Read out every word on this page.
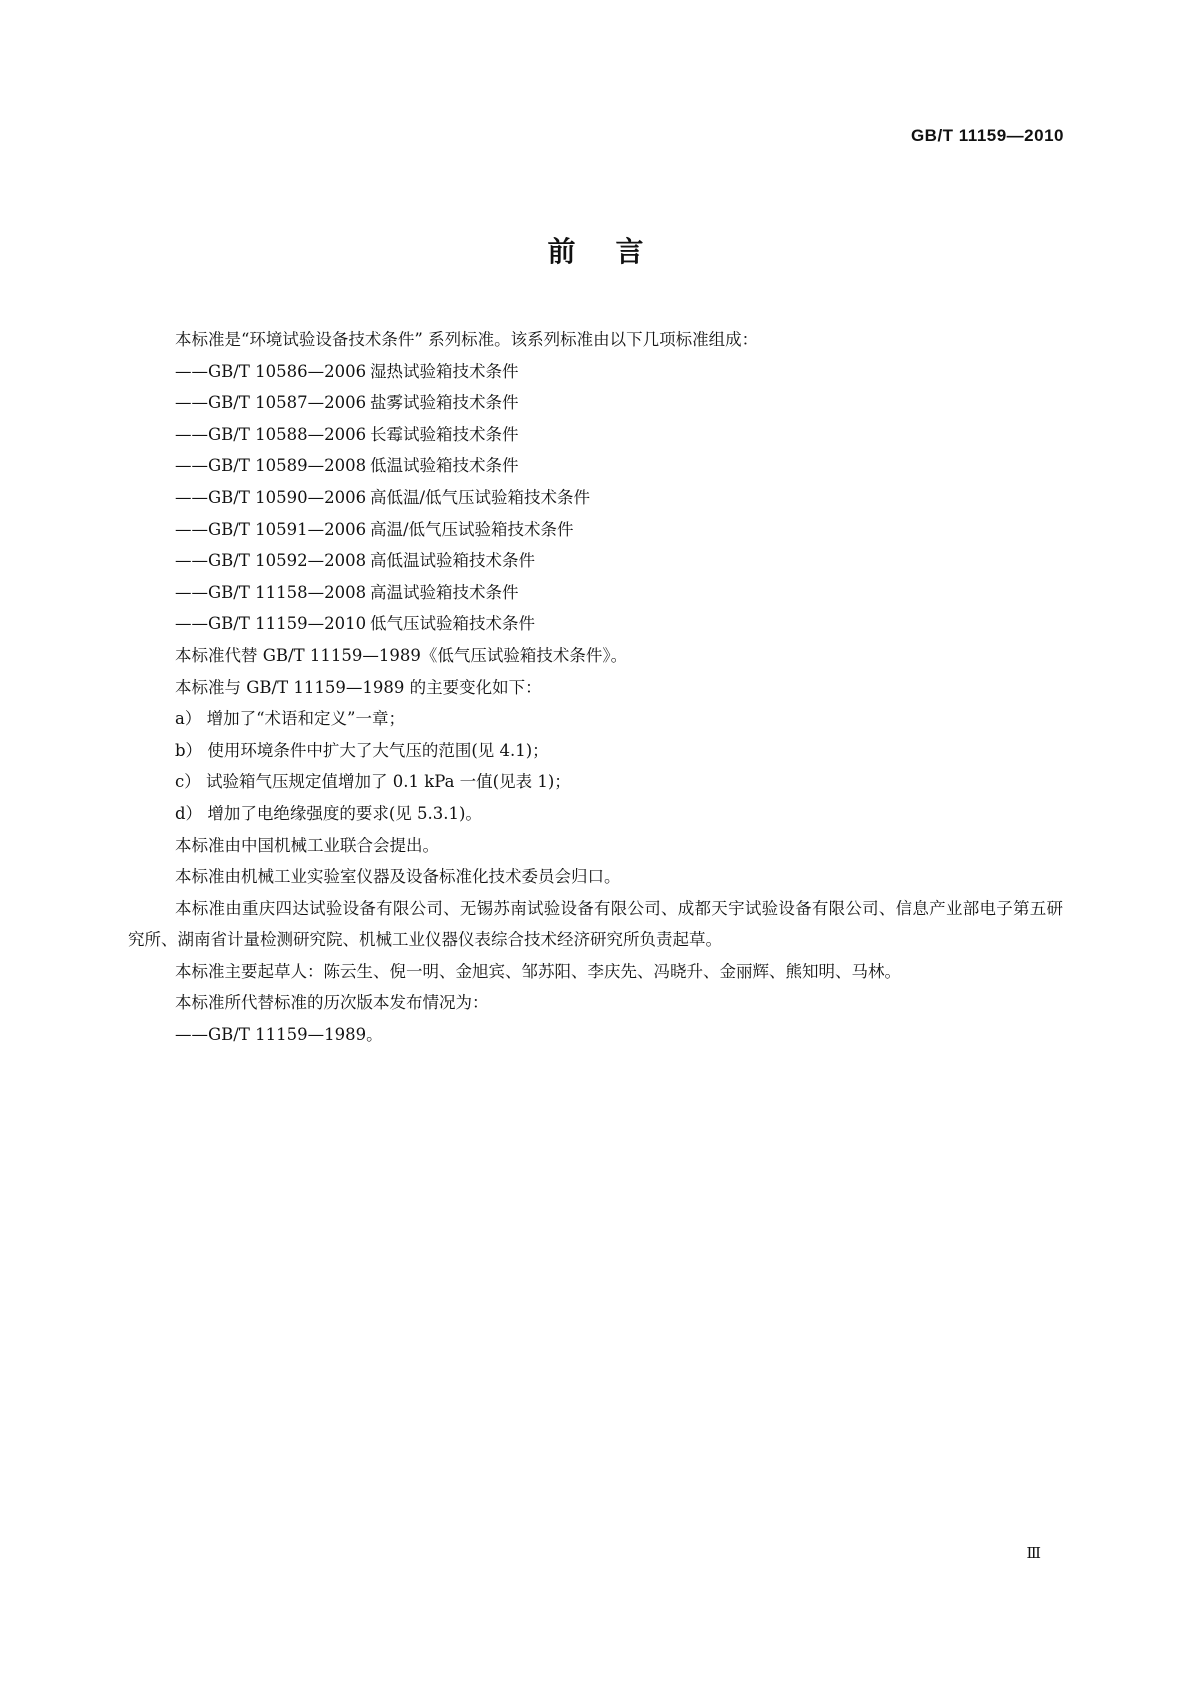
GB/T 11159—2010
前言
本标准是“环境试验设备技术条件” 系列标准。该系列标准由以下几项标准组成：
——GB/T 10586—2006 湿热试验箱技术条件
——GB/T 10587—2006 盐雾试验箱技术条件
——GB/T 10588—2006 长霉试验箱技术条件
——GB/T 10589—2008 低温试验箱技术条件
——GB/T 10590—2006 高低温/低气压试验箱技术条件
——GB/T 10591—2006 高温/低气压试验箱技术条件
——GB/T 10592—2008 高低温试验箱技术条件
——GB/T 11158—2008 高温试验箱技术条件
——GB/T 11159—2010 低气压试验箱技术条件
本标准代替 GB/T 11159—1989《低气压试验箱技术条件》。
本标准与 GB/T 11159—1989 的主要变化如下：
a） 增加了“术语和定义”一章；
b） 使用环境条件中扩大了大气压的范围(见 4.1)；
c） 试验箱气压规定值增加了 0.1 kPa 一值(见表 1)；
d） 增加了电绝缘强度的要求(见 5.3.1)。
本标准由中国机械工业联合会提出。
本标准由机械工业实验室仪器及设备标准化技术委员会归口。
本标准由重庆四达试验设备有限公司、无锡苏南试验设备有限公司、成都天宇试验设备有限公司、信息产业部电子第五研究所、湖南省计量检测研究院、机械工业仪器仪表综合技术经济研究所负责起草。
本标准主要起草人：陈云生、倪一明、金旭宾、邹苏阳、李庆先、冯晓升、金丽辉、熊知明、马林。
本标准所代替标准的历次版本发布情况为：
——GB/T 11159—1989。
Ⅲ
